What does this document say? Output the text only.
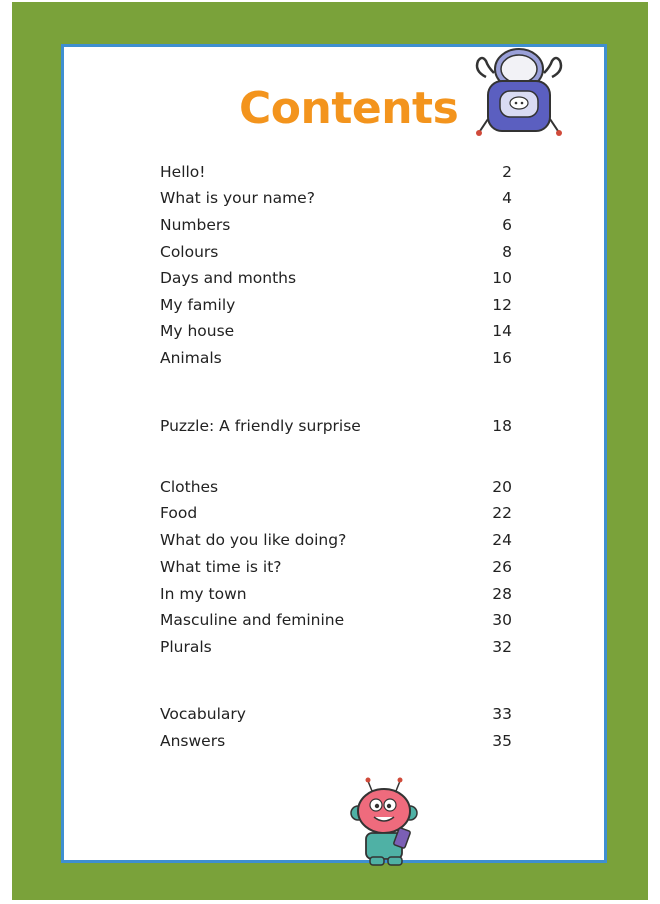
Contents
Hello!	2
What is your name?	4
Numbers	6
Colours	8
Days and months	10
My family	12
My house	14
Animals	16
Puzzle: A friendly surprise	18
Clothes	20
Food	22
What do you like doing?	24
What time is it?	26
In my town	28
Masculine and feminine	30
Plurals	32
Vocabulary	33
Answers	35
